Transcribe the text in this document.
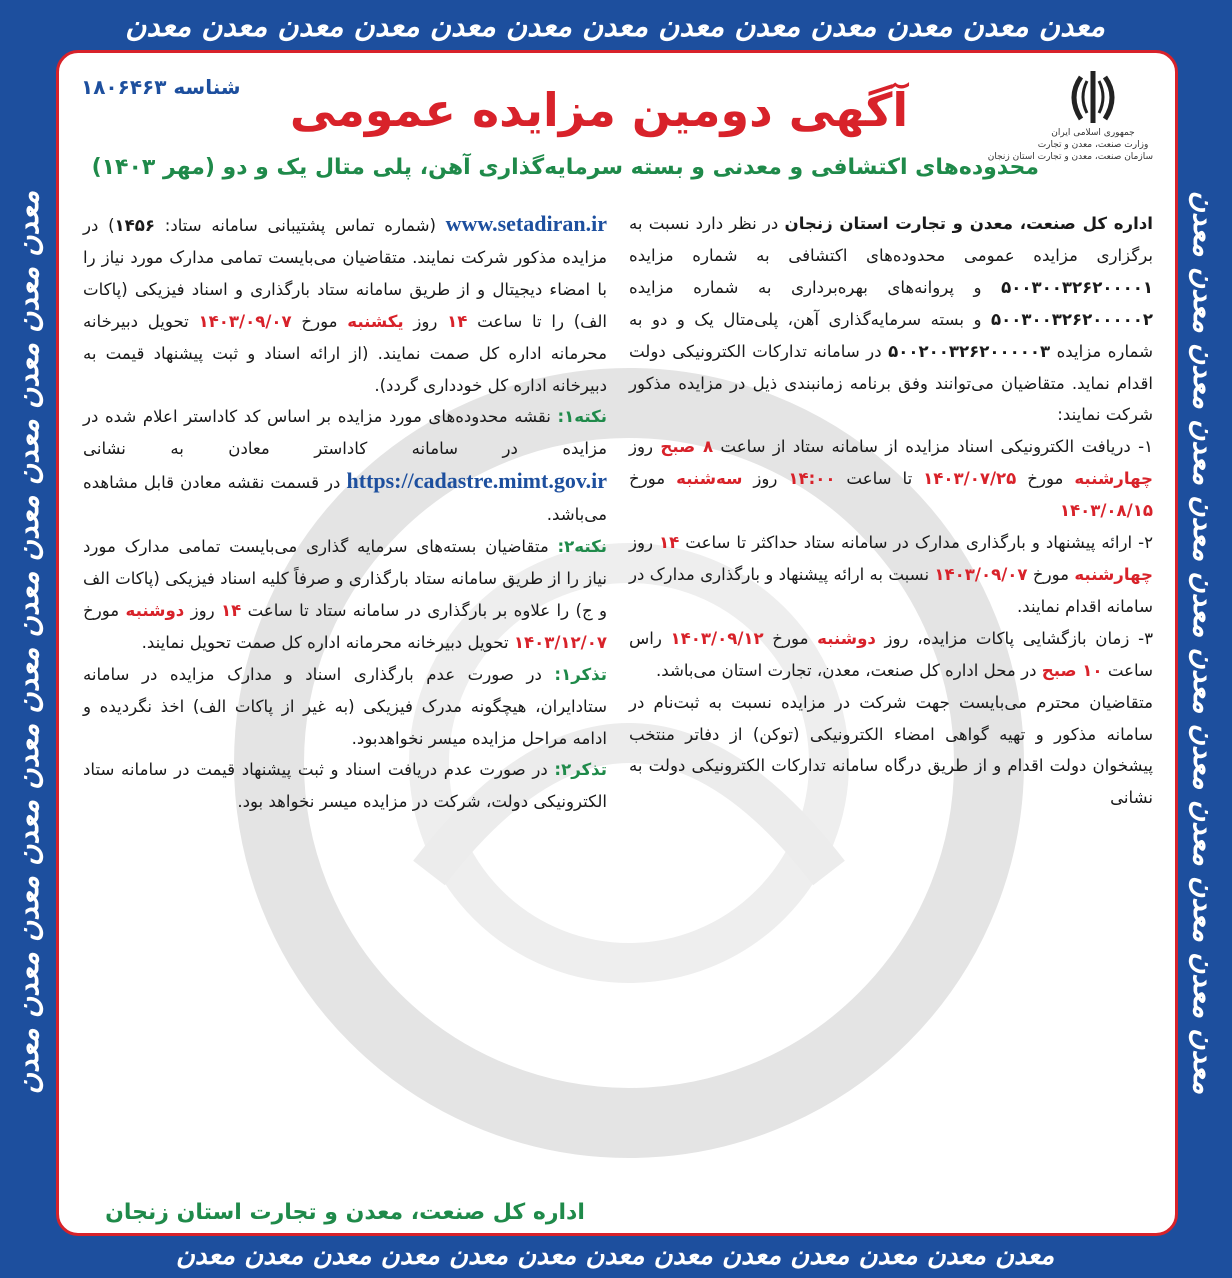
معدن معدن معدن معدن معدن معدن معدن معدن معدن معدن معدن معدن معدن
معدن معدن معدن معدن معدن معدن معدن معدن معدن معدن معدن معدن معدن
معدن معدن معدن معدن معدن معدن معدن معدن معدن معدن معدن معدن	معدن معدن معدن معدن معدن معدن معدن معدن معدن معدن معدن معدن
جمهوری اسلامی ایران
وزارت صنعت، معدن و تجارت
سازمان صنعت، معدن و تجارت استان زنجان
شناسه ۱۸۰۶۴۶۳ آگهی دومین مزایده عمومی
محدوده‌های اکتشافی و معدنی و بسته سرمایه‌گذاری آهن، پلی متال یک و دو (مهر ۱۴۰۳)

اداره کل صنعت، معدن و تجارت استان زنجان در نظر دارد نسبت به برگزاری مزایده عمومی محدوده‌های اکتشافی به شماره مزایده ۵۰۰۳۰۰۳۲۶۲۰۰۰۰۱ و پروانه‌های بهره‌برداری به شماره مزایده ۵۰۰۳۰۰۳۲۶۲۰۰۰۰۰۲ و بسته سرمایه‌گذاری آهن، پلی‌متال یک و دو به شماره مزایده ۵۰۰۲۰۰۳۲۶۲۰۰۰۰۰۳ در سامانه تدارکات الکترونیکی دولت اقدام نماید. متقاضیان می‌توانند وفق برنامه زمانبندی ذیل در مزایده مذکور شرکت نمایند:

۱- دریافت الکترونیکی اسناد مزایده از سامانه ستاد از ساعت ۸ صبح روز چهارشنبه مورخ ۱۴۰۳/۰۷/۲۵ تا ساعت ۱۴:۰۰ روز سه‌شنبه مورخ ۱۴۰۳/۰۸/۱۵

۲- ارائه پیشنهاد و بارگذاری مدارک در سامانه ستاد حداکثر تا ساعت ۱۴ روز چهارشنبه مورخ ۱۴۰۳/۰۹/۰۷ نسبت به ارائه پیشنهاد و بارگذاری مدارک در سامانه اقدام نمایند.

۳- زمان بازگشایی پاکات مزایده، روز دوشنبه مورخ ۱۴۰۳/۰۹/۱۲ راس ساعت ۱۰ صبح در محل اداره کل صنعت، معدن، تجارت استان می‌باشد.

متقاضیان محترم می‌بایست جهت شرکت در مزایده نسبت به ثبت‌نام در سامانه مذکور و تهیه گواهی امضاء الکترونیکی (توکن) از دفاتر منتخب پیشخوان دولت اقدام و از طریق درگاه سامانه تدارکات الکترونیکی دولت به نشانی

www.setadiran.ir (شماره تماس پشتیبانی سامانه ستاد: ۱۴۵۶) در مزایده مذکور شرکت نمایند. متقاضیان می‌بایست تمامی مدارک مورد نیاز را با امضاء دیجیتال و از طریق سامانه ستاد بارگذاری و اسناد فیزیکی (پاکات الف) را تا ساعت ۱۴ روز یکشنبه مورخ ۱۴۰۳/۰۹/۰۷ تحویل دبیرخانه محرمانه اداره کل صمت نمایند. (از ارائه اسناد و ثبت پیشنهاد قیمت به دبیرخانه اداره کل خودداری گردد).

نکته۱: نقشه محدوده‌های مورد مزایده بر اساس کد کاداستر اعلام شده در مزایده در سامانه کاداستر معادن به نشانی https://cadastre.mimt.gov.ir در قسمت نقشه معادن قابل مشاهده می‌باشد.

نکته۲: متقاضیان بسته‌های سرمایه گذاری می‌بایست تمامی مدارک مورد نیاز را از طریق سامانه ستاد بارگذاری و صرفاً کلیه اسناد فیزیکی (پاکات الف و ج) را علاوه بر بارگذاری در سامانه ستاد تا ساعت ۱۴ روز دوشنبه مورخ ۱۴۰۳/۱۲/۰۷ تحویل دبیرخانه محرمانه اداره کل صمت تحویل نمایند.

تذکر۱: در صورت عدم بارگذاری اسناد و مدارک مزایده در سامانه ستادایران، هیچگونه مدرک فیزیکی (به غیر از پاکات الف) اخذ نگردیده و ادامه مراحل مزایده میسر نخواهدبود.

تذکر۲: در صورت عدم دریافت اسناد و ثبت پیشنهاد قیمت در سامانه ستاد الکترونیکی دولت، شرکت در مزایده میسر نخواهد بود.

اداره کل صنعت، معدن و تجارت استان زنجان
